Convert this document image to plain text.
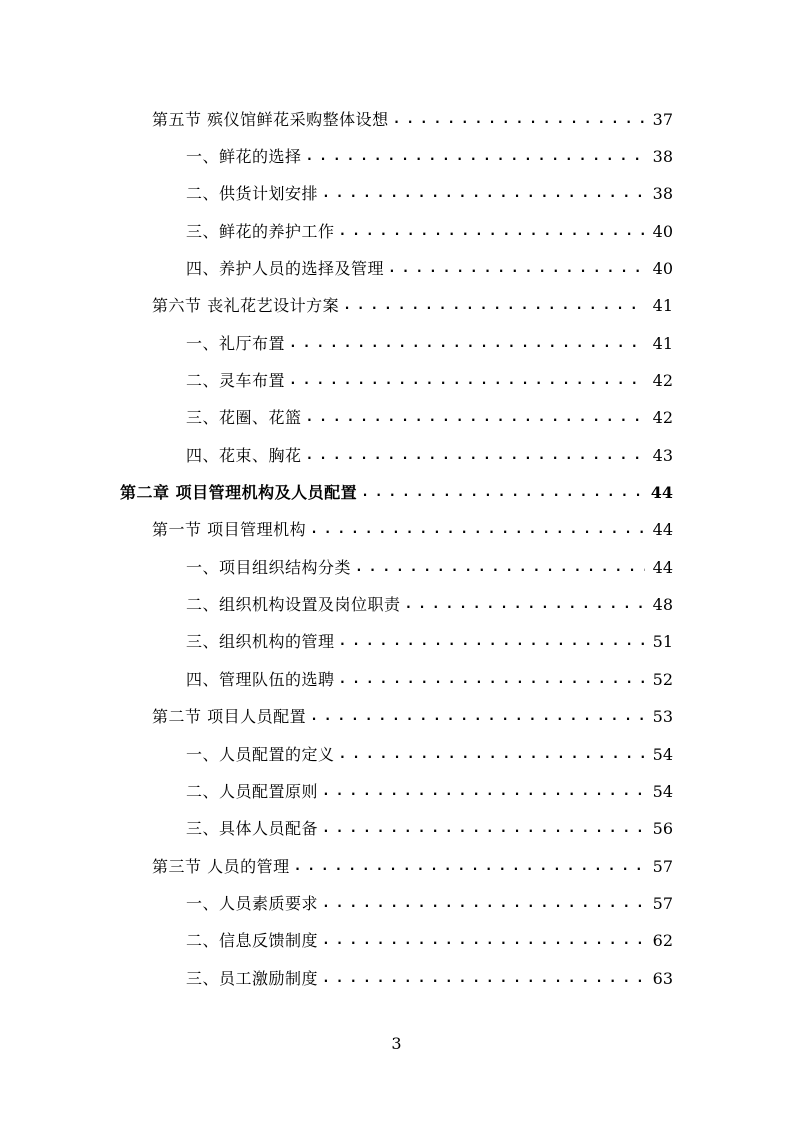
第五节 殡仪馆鲜花采购整体设想 . . .	37
一、鲜花的选择 . . .	38
二、供货计划安排 . . .	38
三、鲜花的养护工作 . . .	40
四、养护人员的选择及管理 . . .	40
第六节 丧礼花艺设计方案 . . .	41
一、礼厅布置 . . .	41
二、灵车布置 . . .	42
三、花圈、花篮 . . .	42
四、花束、胸花 . . .	43
第二章 项目管理机构及人员配置 . . .	44
第一节 项目管理机构 . . .	44
一、项目组织结构分类 . . .	44
二、组织机构设置及岗位职责 . . .	48
三、组织机构的管理 . . .	51
四、管理队伍的选聘 . . .	52
第二节 项目人员配置 . . .	53
一、人员配置的定义 . . .	54
二、人员配置原则 . . .	54
三、具体人员配备 . . .	56
第三节 人员的管理 . . .	57
一、人员素质要求 . . .	57
二、信息反馈制度 . . .	62
三、员工激励制度 . . .	63
3
